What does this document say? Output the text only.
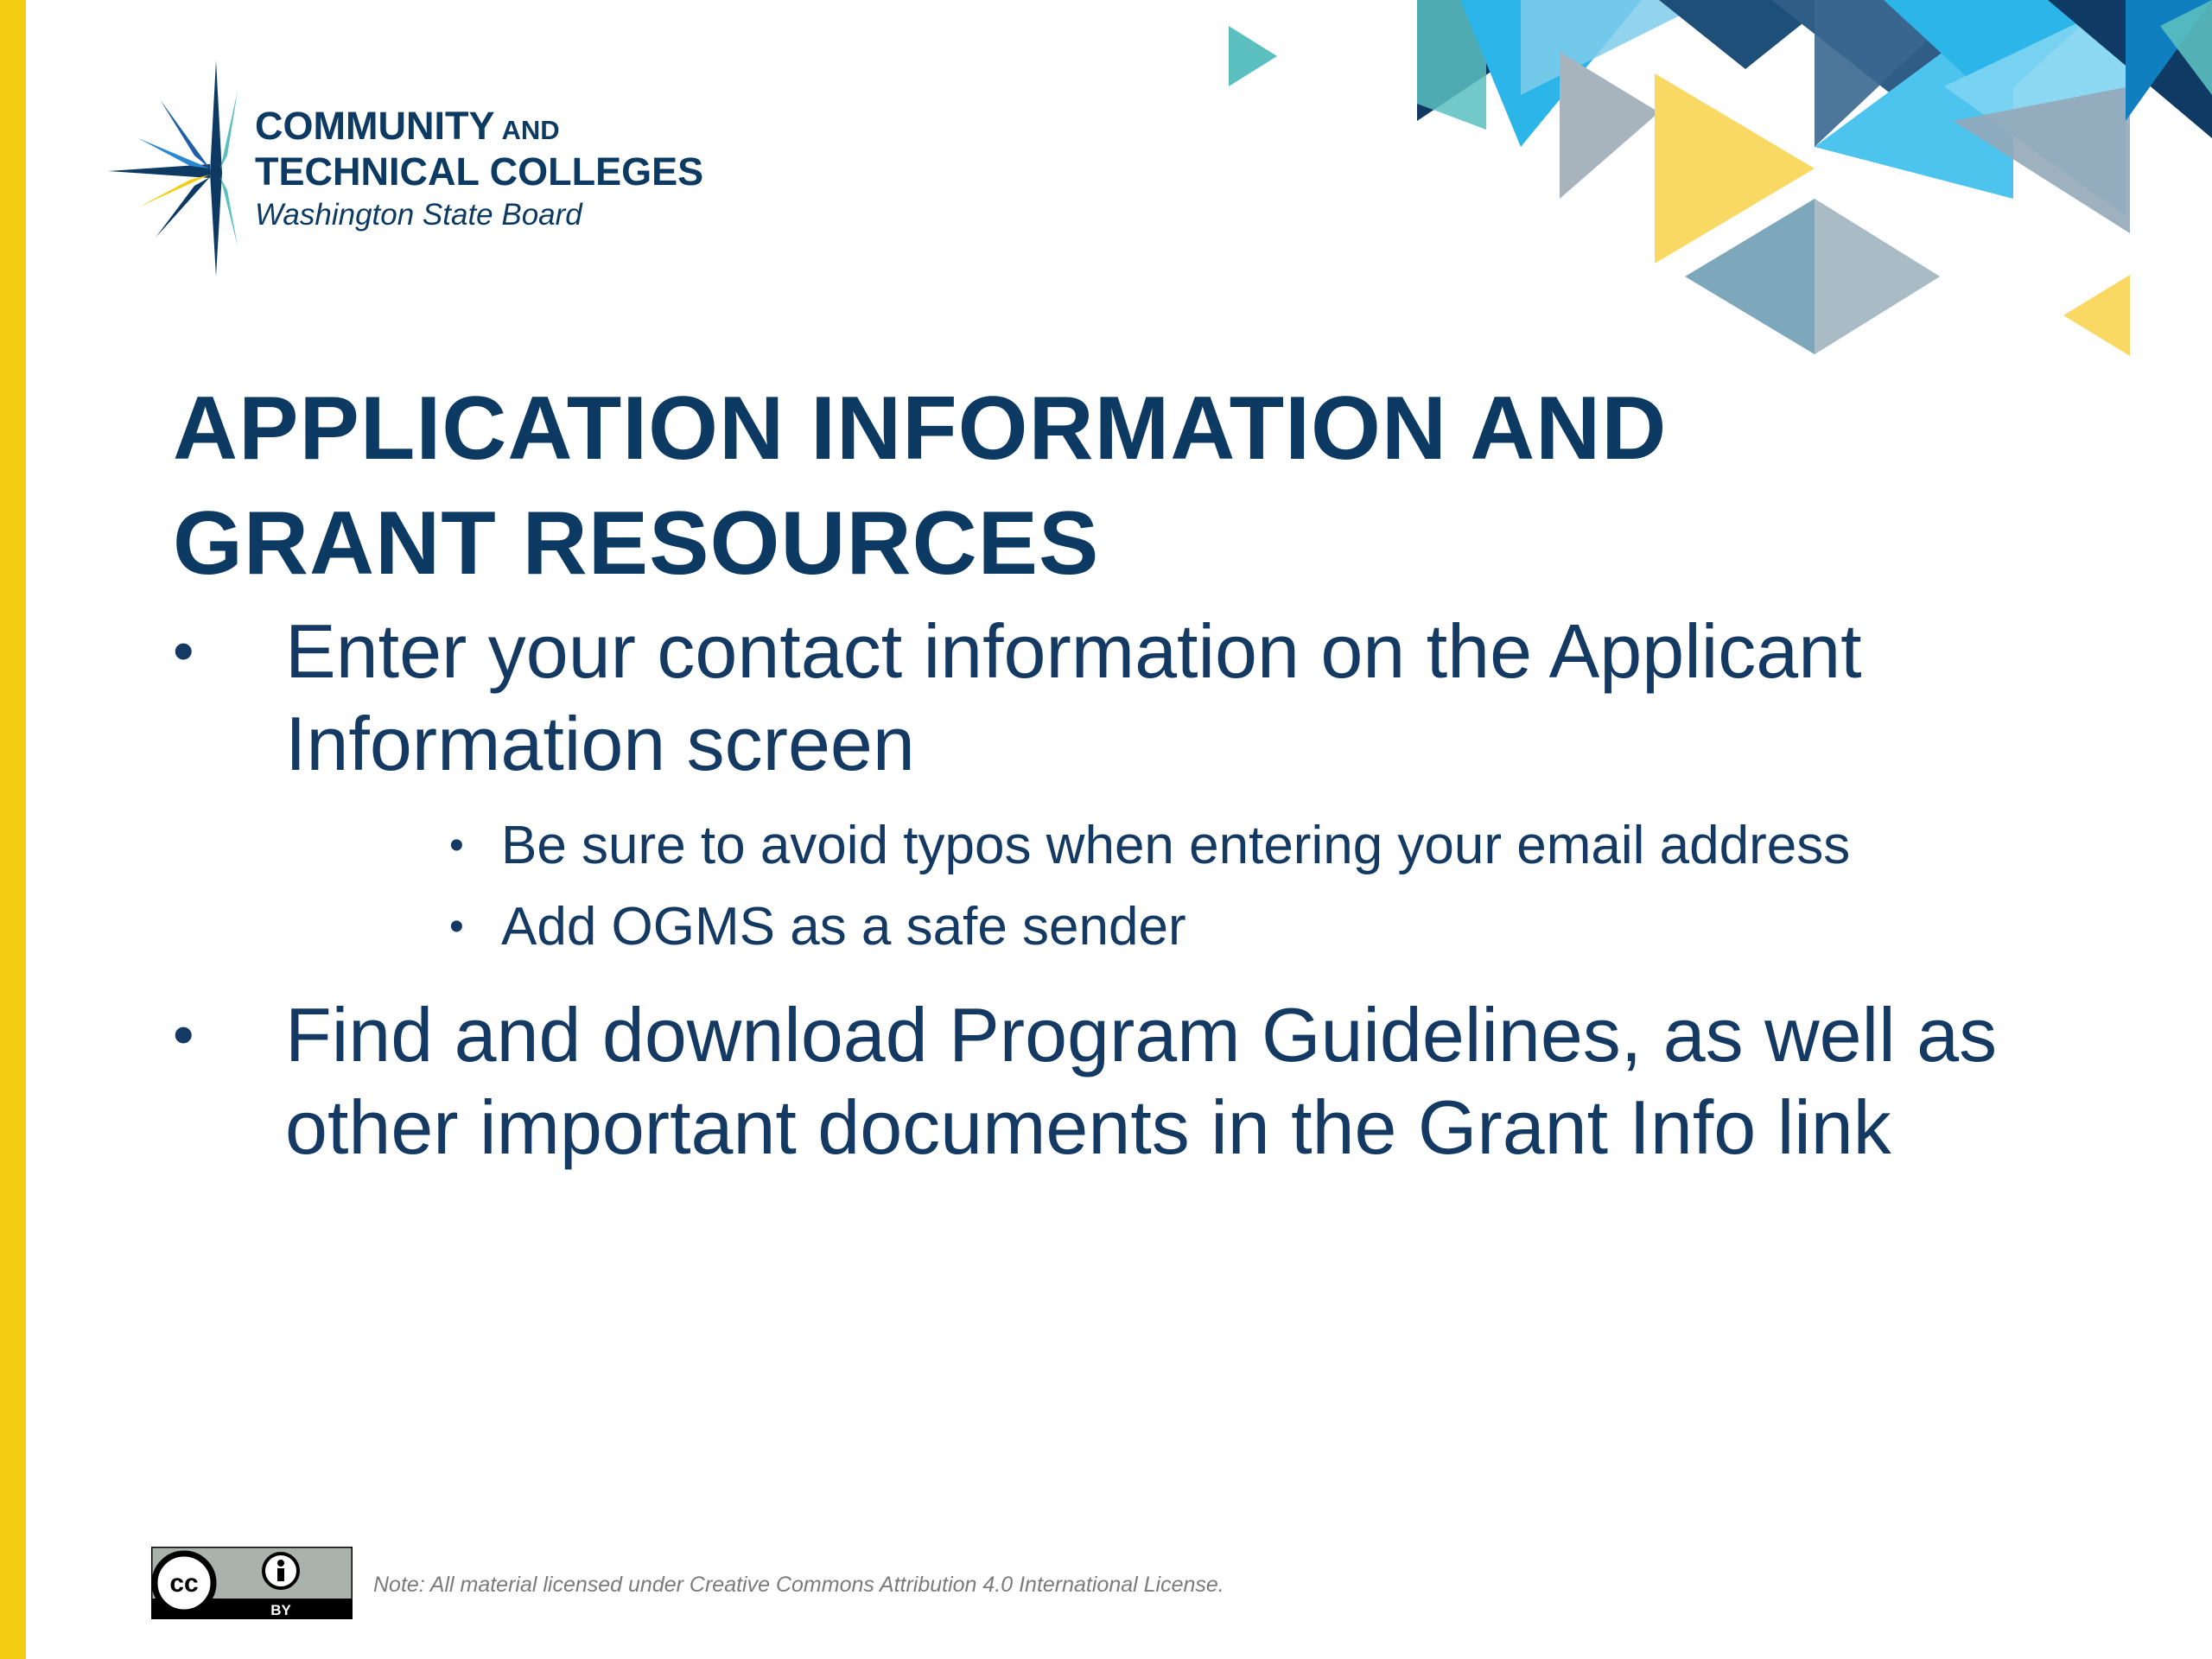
COMMUNITY AND
TECHNICAL COLLEGES
Washington State Board
APPLICATION INFORMATION AND GRANT RESOURCES
• Enter your contact information on the Applicant Information screen
• Be sure to avoid typos when entering your email address
• Add OGMS as a safe sender
• Find and download Program Guidelines, as well as other important documents in the Grant Info link
cc
BY
Note: All material licensed under Creative Commons Attribution 4.0 International License.
